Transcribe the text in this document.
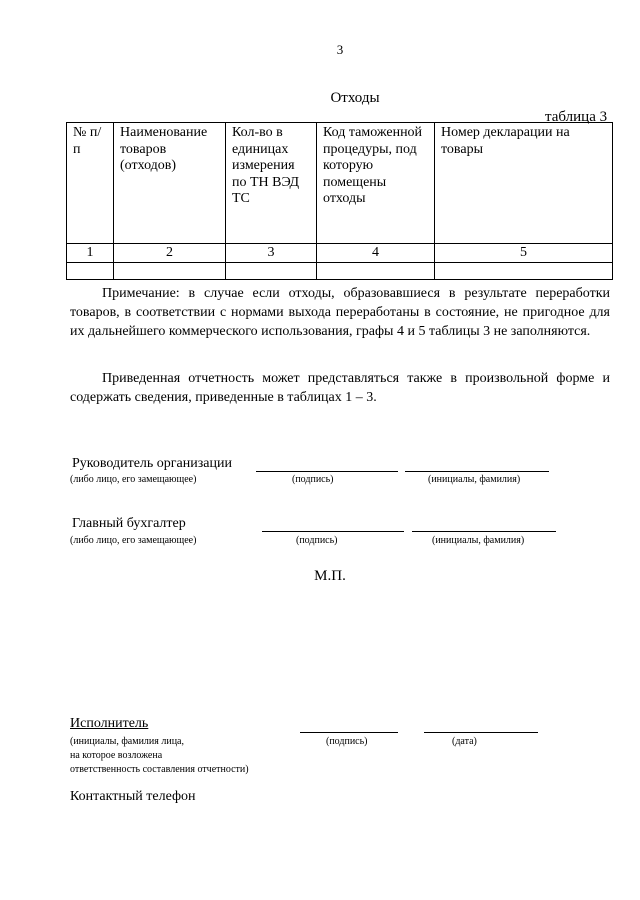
3
Отходы
таблица 3
№ п/п	Наименование товаров (отходов)	Кол-во в единицах измерения по ТН ВЭД ТС	Код таможенной процедуры, под которую помещены отходы	Номер декларации на товары
1	2	3	4	5

Примечание: в случае если отходы, образовавшиеся в результате переработки товаров, в соответствии с нормами выхода переработаны в состояние, не пригодное для их дальнейшего коммерческого использования, графы 4 и 5 таблицы 3 не заполняются.

Приведенная отчетность может представляться также в произвольной форме и содержать сведения, приведенные в таблицах 1 – 3.

Руководитель организации
(либо лицо, его замещающее)	(подпись)	(инициалы, фамилия)
Главный бухгалтер
(либо лицо, его замещающее)	(подпись)	(инициалы, фамилия)
М.П.
Исполнитель
(инициалы, фамилия лица,
на которое возложена
ответственность составления отчетности)
(подпись)	(дата)
Контактный телефон
